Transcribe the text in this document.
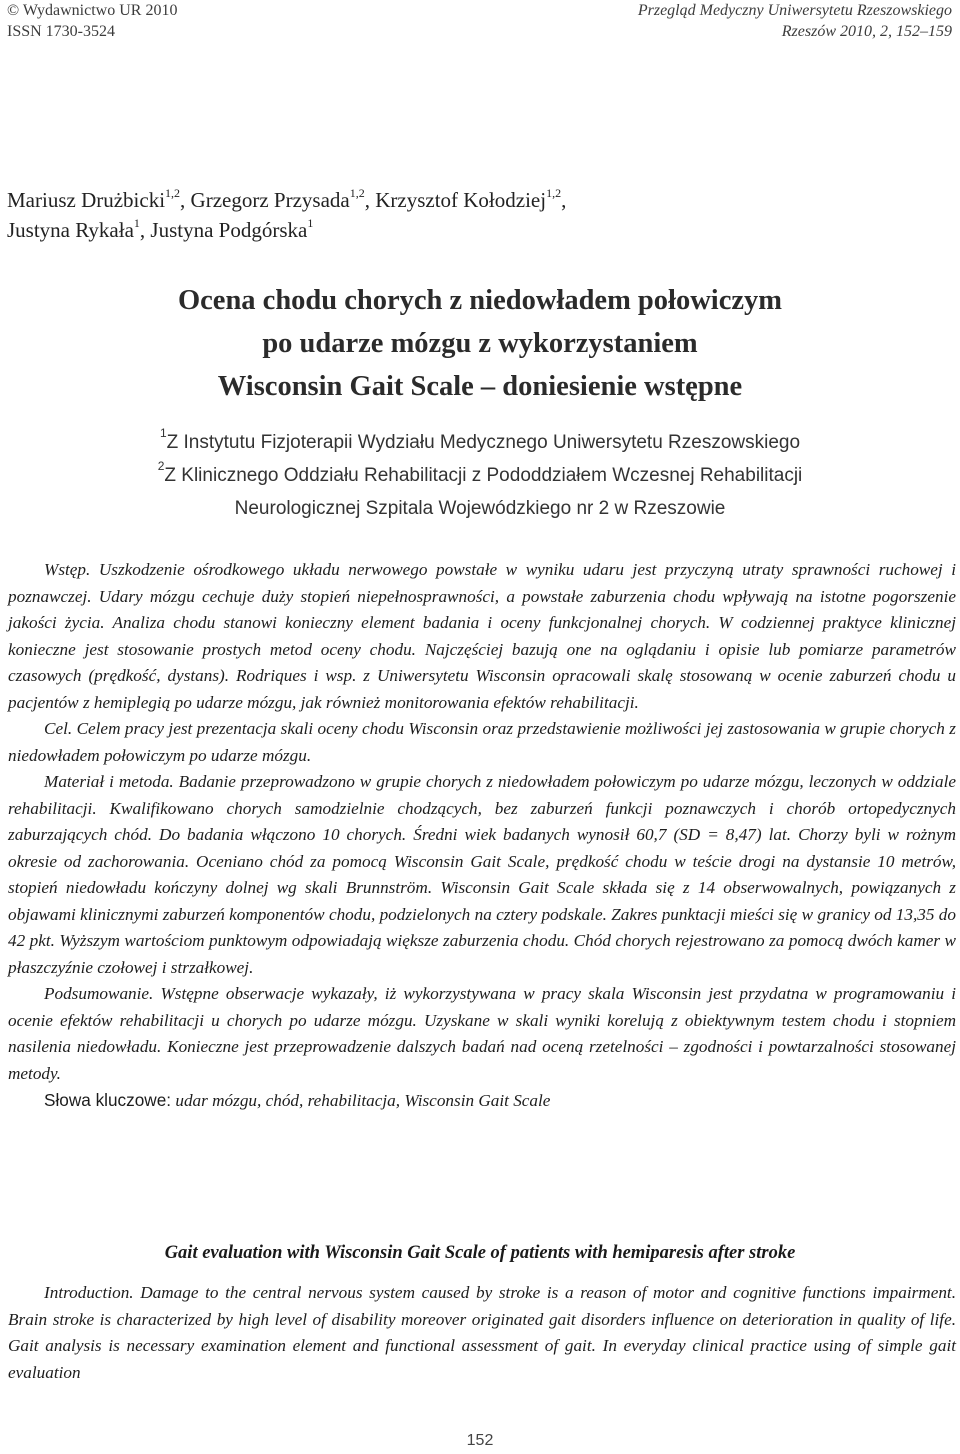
© Wydawnictwo UR 2010
ISSN 1730-3524
Przegląd Medyczny Uniwersytetu Rzeszowskiego
Rzeszów 2010, 2, 152–159
Mariusz Drużbicki$^{1,2}$, Grzegorz Przysada$^{1,2}$, Krzysztof Kołodziej$^{1,2}$,
Justyna Rykała$^1$, Justyna Podgórska$^1$
Ocena chodu chorych z niedowładem połowiczym
po udarze mózgu z wykorzystaniem
Wisconsin Gait Scale – doniesienie wstępne
$^1$Z Instytutu Fizjoterapii Wydziału Medycznego Uniwersytetu Rzeszowskiego
$^2$Z Klinicznego Oddziału Rehabilitacji z Pododdziałem Wczesnej Rehabilitacji
Neurologicznej Szpitala Wojewódzkiego nr 2 w Rzeszowie

Wstęp. Uszkodzenie ośrodkowego układu nerwowego powstałe w wyniku udaru jest przyczyną utraty sprawności ruchowej i poznawczej. Udary mózgu cechuje duży stopień niepełnosprawności, a powstałe zaburzenia chodu wpływają na istotne pogorszenie jakości życia. Analiza chodu stanowi konieczny element badania i oceny funkcjonalnej chorych. W codziennej praktyce klinicznej konieczne jest stosowanie prostych metod oceny chodu. Najczęściej bazują one na oglądaniu i opisie lub pomiarze parametrów czasowych (prędkość, dystans). Rodriques i wsp. z Uniwersytetu Wisconsin opracowali skalę stosowaną w ocenie zaburzeń chodu u pacjentów z hemiplegią po udarze mózgu, jak również monitorowania efektów rehabilitacji.

Cel. Celem pracy jest prezentacja skali oceny chodu Wisconsin oraz przedstawienie możliwości jej zastosowania w grupie chorych z niedowładem połowiczym po udarze mózgu.

Materiał i metoda. Badanie przeprowadzono w grupie chorych z niedowładem połowiczym po udarze mózgu, leczonych w oddziale rehabilitacji. Kwalifikowano chorych samodzielnie chodzących, bez zaburzeń funkcji poznawczych i chorób ortopedycznych zaburzających chód. Do badania włączono 10 chorych. Średni wiek badanych wynosił 60,7 (SD = 8,47) lat. Chorzy byli w rożnym okresie od zachorowania. Oceniano chód za pomocą Wisconsin Gait Scale, prędkość chodu w teście drogi na dystansie 10 metrów, stopień niedowładu kończyny dolnej wg skali Brunnström. Wisconsin Gait Scale składa się z 14 obserwowalnych, powiązanych z objawami klinicznymi zaburzeń komponentów chodu, podzielonych na cztery podskale. Zakres punktacji mieści się w granicy od 13,35 do 42 pkt. Wyższym wartościom punktowym odpowiadają większe zaburzenia chodu. Chód chorych rejestrowano za pomocą dwóch kamer w płaszczyźnie czołowej i strzałkowej.

Podsumowanie. Wstępne obserwacje wykazały, iż wykorzystywana w pracy skala Wisconsin jest przydatna w programowaniu i ocenie efektów rehabilitacji u chorych po udarze mózgu. Uzyskane w skali wyniki korelują z obiektywnym testem chodu i stopniem nasilenia niedowładu. Konieczne jest przeprowadzenie dalszych badań nad oceną rzetelności – zgodności i powtarzalności stosowanej metody.

Słowa kluczowe: udar mózgu, chód, rehabilitacja, Wisconsin Gait Scale

Gait evaluation with Wisconsin Gait Scale of patients with hemiparesis after stroke

Introduction. Damage to the central nervous system caused by stroke is a reason of motor and cognitive functions impairment. Brain stroke is characterized by high level of disability moreover originated gait disorders influence on deterioration in quality of life. Gait analysis is necessary examination element and functional assessment of gait. In everyday clinical practice using of simple gait evaluation

152
